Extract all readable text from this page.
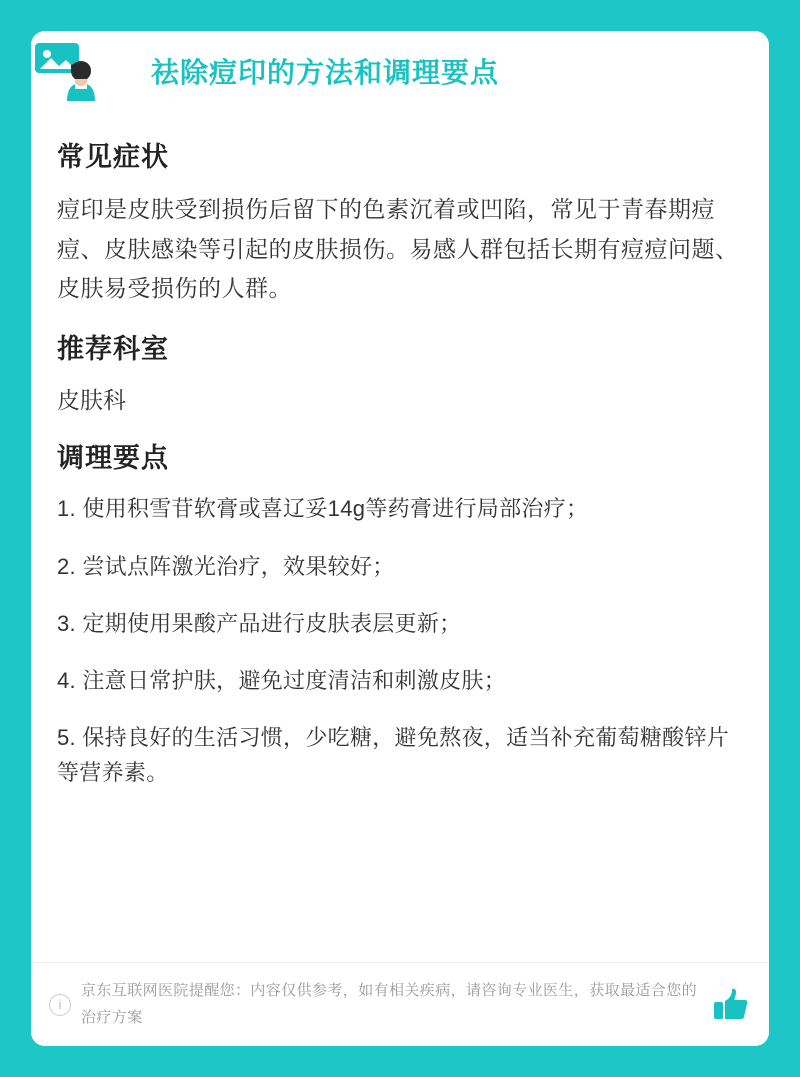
祛除痘印的方法和调理要点
常见症状

痘印是皮肤受到损伤后留下的色素沉着或凹陷，常见于青春期痘痘、皮肤感染等引起的皮肤损伤。易感人群包括长期有痘痘问题、皮肤易受损伤的人群。

推荐科室

皮肤科

调理要点
1. 使用积雪苷软膏或喜辽妥14g等药膏进行局部治疗；
2. 尝试点阵激光治疗，效果较好；
3. 定期使用果酸产品进行皮肤表层更新；
4. 注意日常护肤，避免过度清洁和刺激皮肤；
5. 保持良好的生活习惯，少吃糖，避免熬夜，适当补充葡萄糖酸锌片等营养素。
i
京东互联网医院提醒您：内容仅供参考，如有相关疾病，请咨询专业医生，获取最适合您的治疗方案
